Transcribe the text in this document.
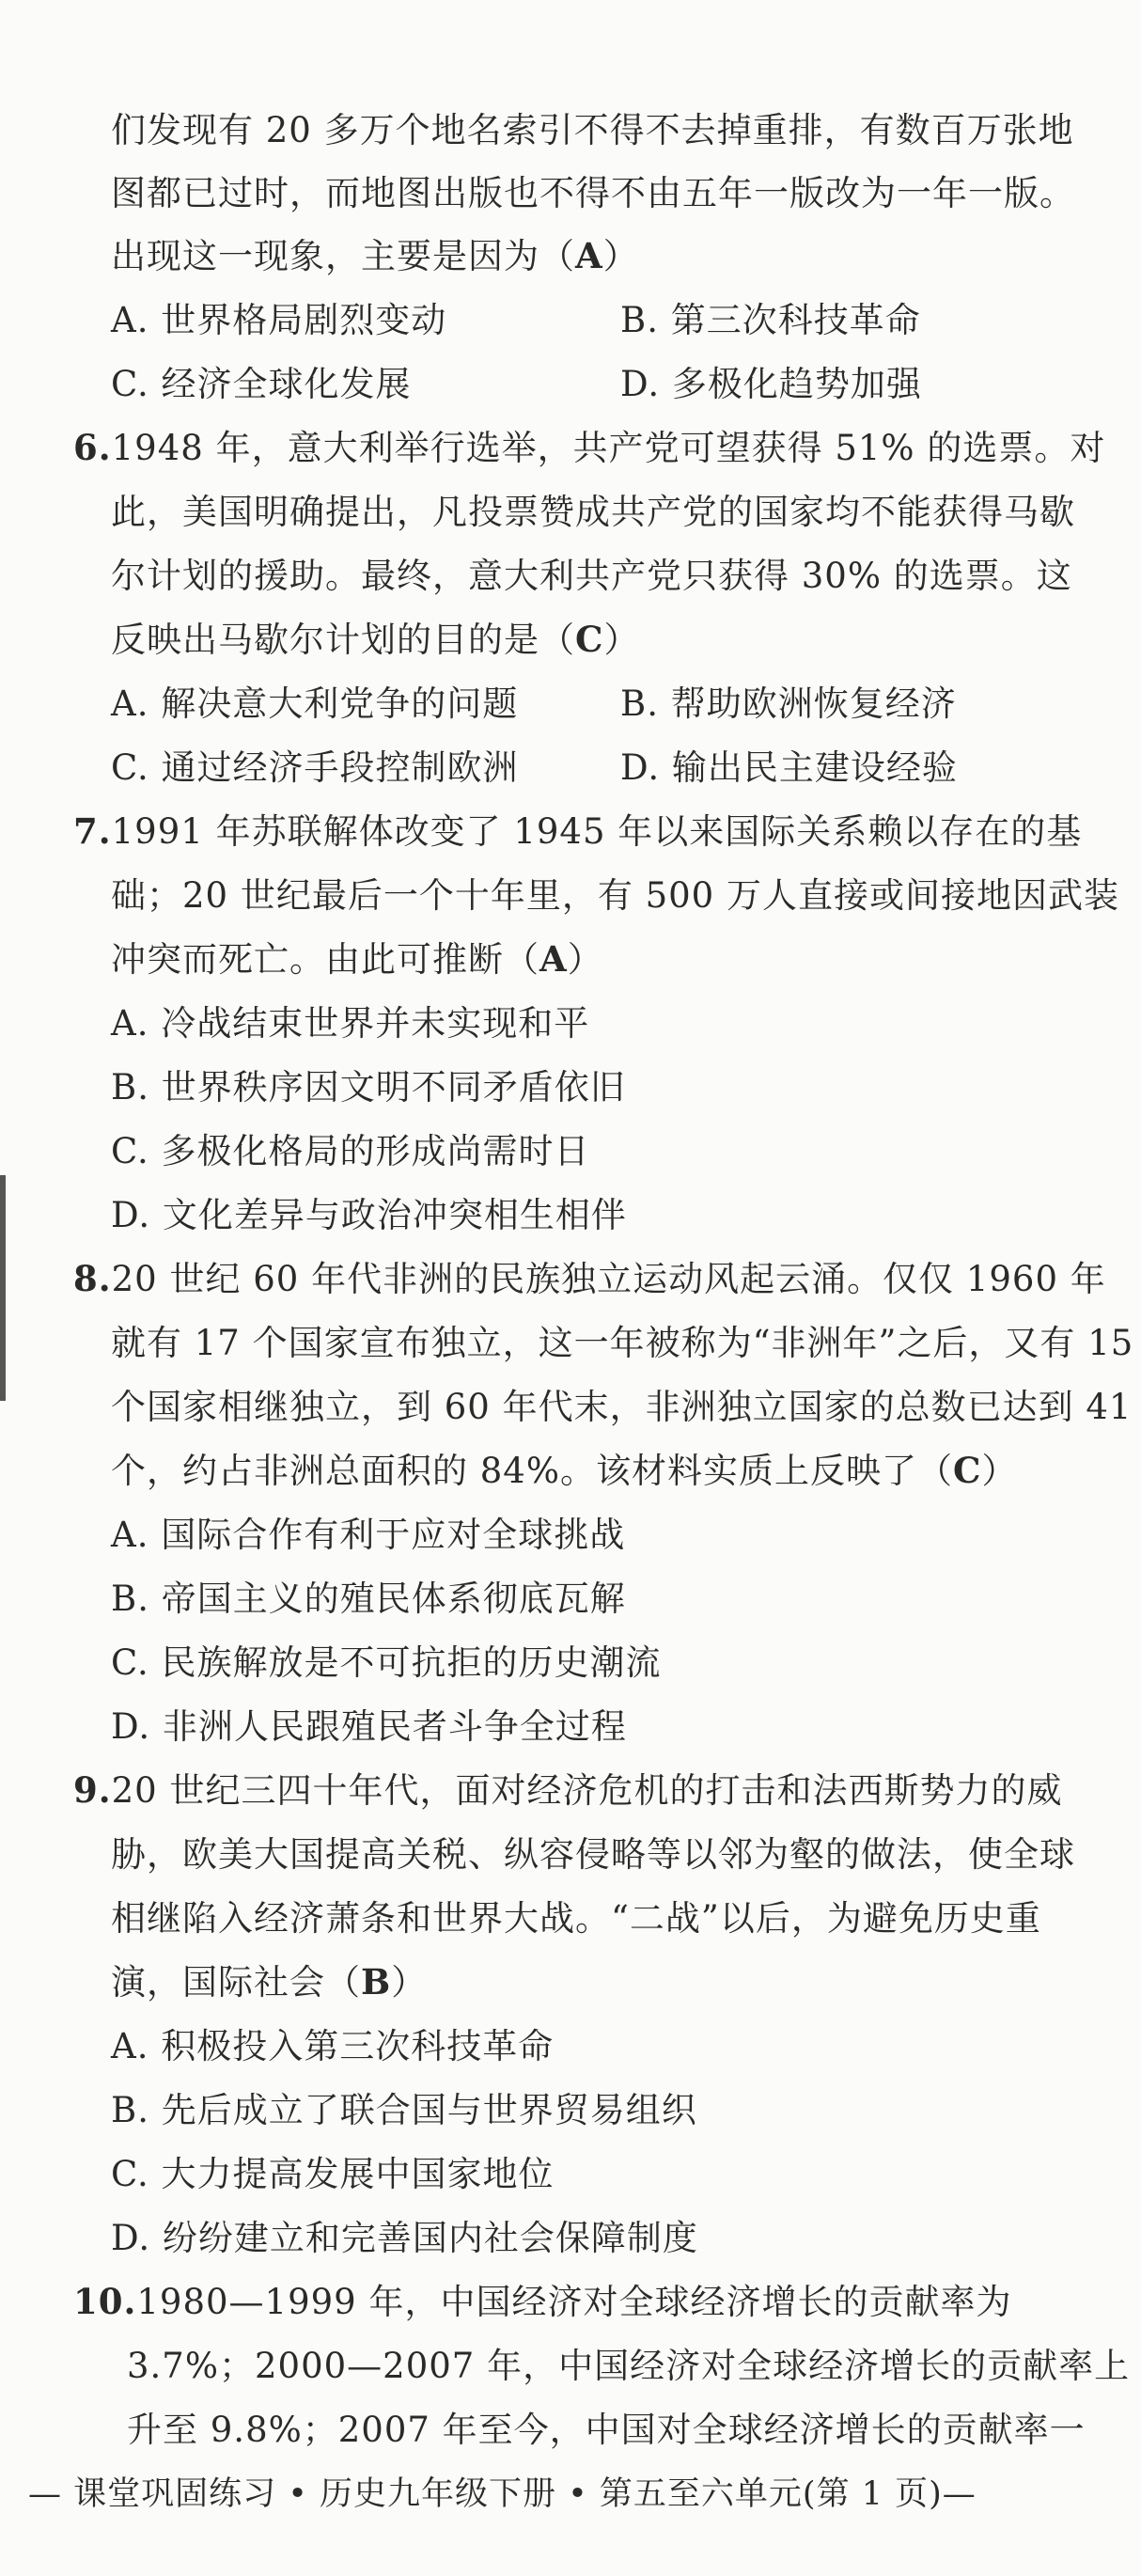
们发现有 20 多万个地名索引不得不去掉重排，有数百万张地
图都已过时，而地图出版也不得不由五年一版改为一年一版。
出现这一现象，主要是因为（A）
A. 世界格局剧烈变动	B. 第三次科技革命
C. 经济全球化发展	D. 多极化趋势加强
6.1948 年，意大利举行选举，共产党可望获得 51% 的选票。对
此，美国明确提出，凡投票赞成共产党的国家均不能获得马歇
尔计划的援助。最终，意大利共产党只获得 30% 的选票。这
反映出马歇尔计划的目的是（C）
A. 解决意大利党争的问题	B. 帮助欧洲恢复经济
C. 通过经济手段控制欧洲	D. 输出民主建设经验
7.1991 年苏联解体改变了 1945 年以来国际关系赖以存在的基
础；20 世纪最后一个十年里，有 500 万人直接或间接地因武装
冲突而死亡。由此可推断（A）
A. 冷战结束世界并未实现和平
B. 世界秩序因文明不同矛盾依旧
C. 多极化格局的形成尚需时日
D. 文化差异与政治冲突相生相伴
8.20 世纪 60 年代非洲的民族独立运动风起云涌。仅仅 1960 年
就有 17 个国家宣布独立，这一年被称为“非洲年”之后，又有 15
个国家相继独立，到 60 年代末，非洲独立国家的总数已达到 41
个，约占非洲总面积的 84%。该材料实质上反映了（C）
A. 国际合作有利于应对全球挑战
B. 帝国主义的殖民体系彻底瓦解
C. 民族解放是不可抗拒的历史潮流
D. 非洲人民跟殖民者斗争全过程
9.20 世纪三四十年代，面对经济危机的打击和法西斯势力的威
胁，欧美大国提高关税、纵容侵略等以邻为壑的做法，使全球
相继陷入经济萧条和世界大战。“二战”以后，为避免历史重
演，国际社会（B）
A. 积极投入第三次科技革命
B. 先后成立了联合国与世界贸易组织
C. 大力提高发展中国家地位
D. 纷纷建立和完善国内社会保障制度
10.1980—1999 年，中国经济对全球经济增长的贡献率为
3.7%；2000—2007 年，中国经济对全球经济增长的贡献率上
升至 9.8%；2007 年至今，中国对全球经济增长的贡献率一
— 课堂巩固练习 • 历史九年级下册 • 第五至六单元(第 1 页)—
